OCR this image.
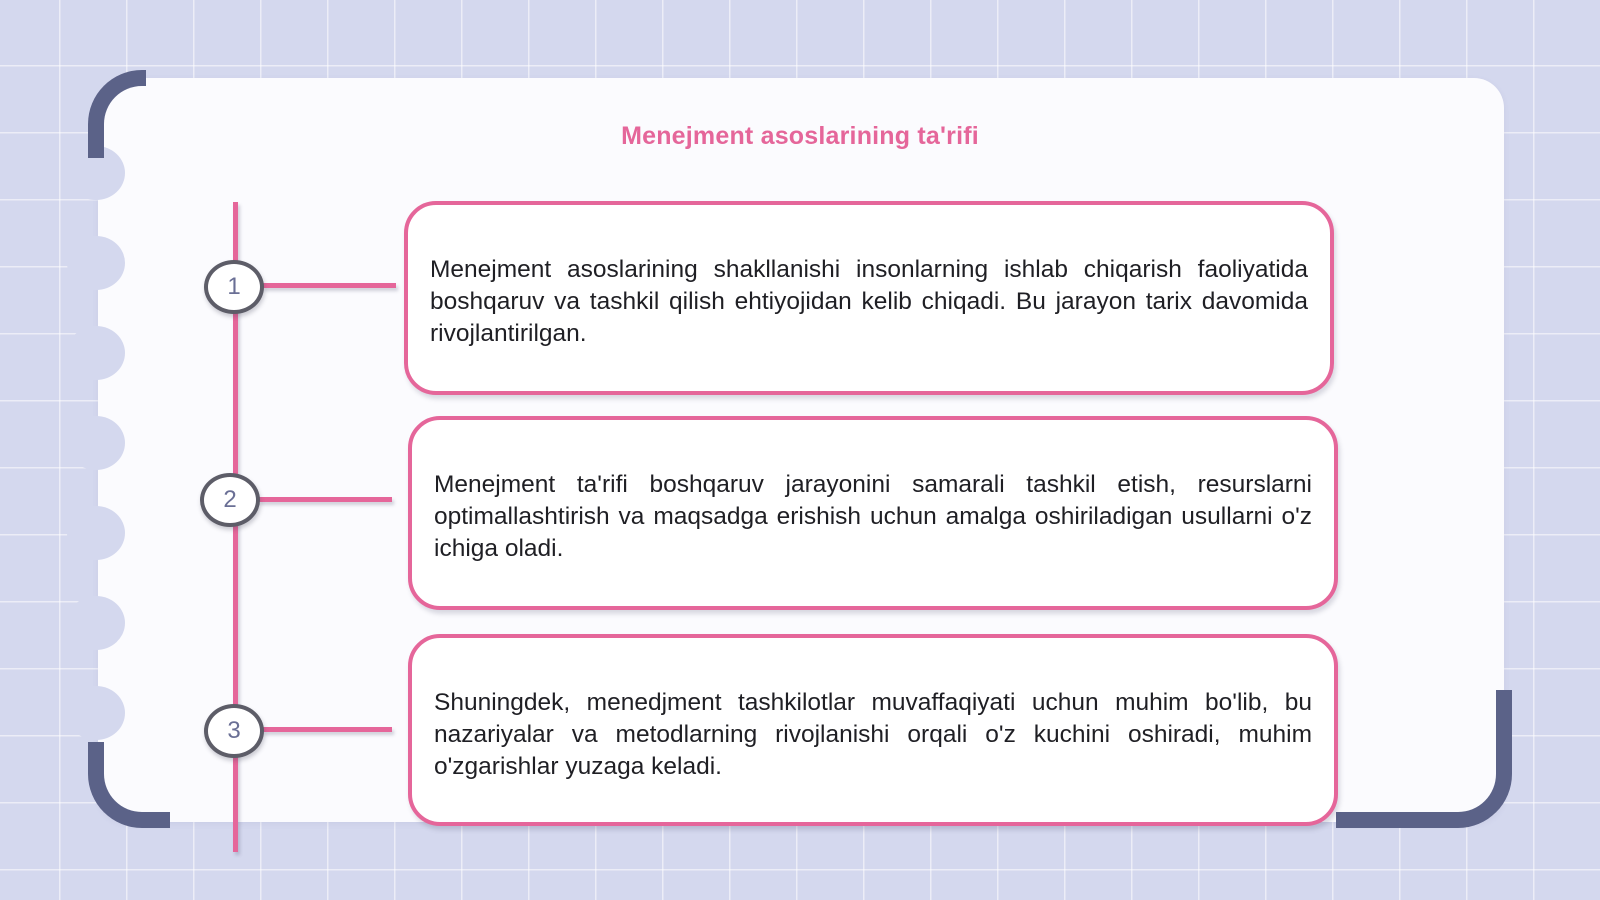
Menejment asoslarining ta'rifi
1
2
3
Menejment asoslarining shakllanishi insonlarning ishlab chiqarish faoliyatida boshqaruv va tashkil qilish ehtiyojidan kelib chiqadi. Bu jarayon tarix davomida rivojlantirilgan.
Menejment ta'rifi boshqaruv jarayonini samarali tashkil etish, resurslarni optimallashtirish va maqsadga erishish uchun amalga oshiriladigan usullarni o'z ichiga oladi.
Shuningdek, menedjment tashkilotlar muvaffaqiyati uchun muhim bo'lib, bu nazariyalar va metodlarning rivojlanishi orqali o'z kuchini oshiradi, muhim o'zgarishlar yuzaga keladi.
